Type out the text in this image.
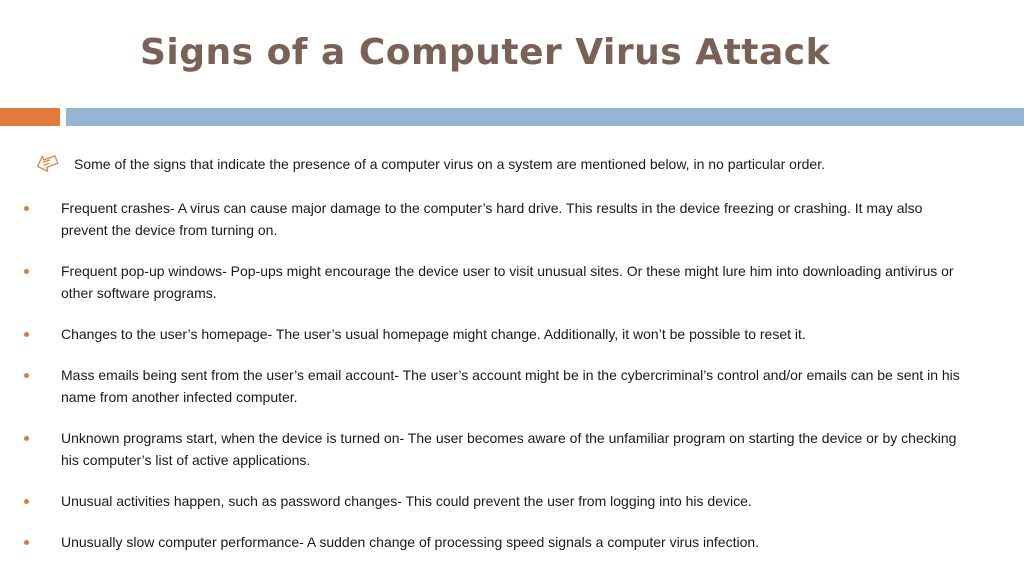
Signs of a Computer Virus Attack
Some of the signs that indicate the presence of a computer virus on a system are mentioned below, in no particular order.
Frequent crashes- A virus can cause major damage to the computer’s hard drive. This results in the device freezing or crashing. It may also prevent the device from turning on.
Frequent pop-up windows- Pop-ups might encourage the device user to visit unusual sites. Or these might lure him into downloading antivirus or other software programs.
Changes to the user’s homepage- The user’s usual homepage might change. Additionally, it won’t be possible to reset it.
Mass emails being sent from the user’s email account- The user’s account might be in the cybercriminal’s control and/or emails can be sent in his name from another infected computer.
Unknown programs start, when the device is turned on- The user becomes aware of the unfamiliar program on starting the device or by checking his computer’s list of active applications.
Unusual activities happen, such as password changes- This could prevent the user from logging into his device.
Unusually slow computer performance- A sudden change of processing speed signals a computer virus infection.
